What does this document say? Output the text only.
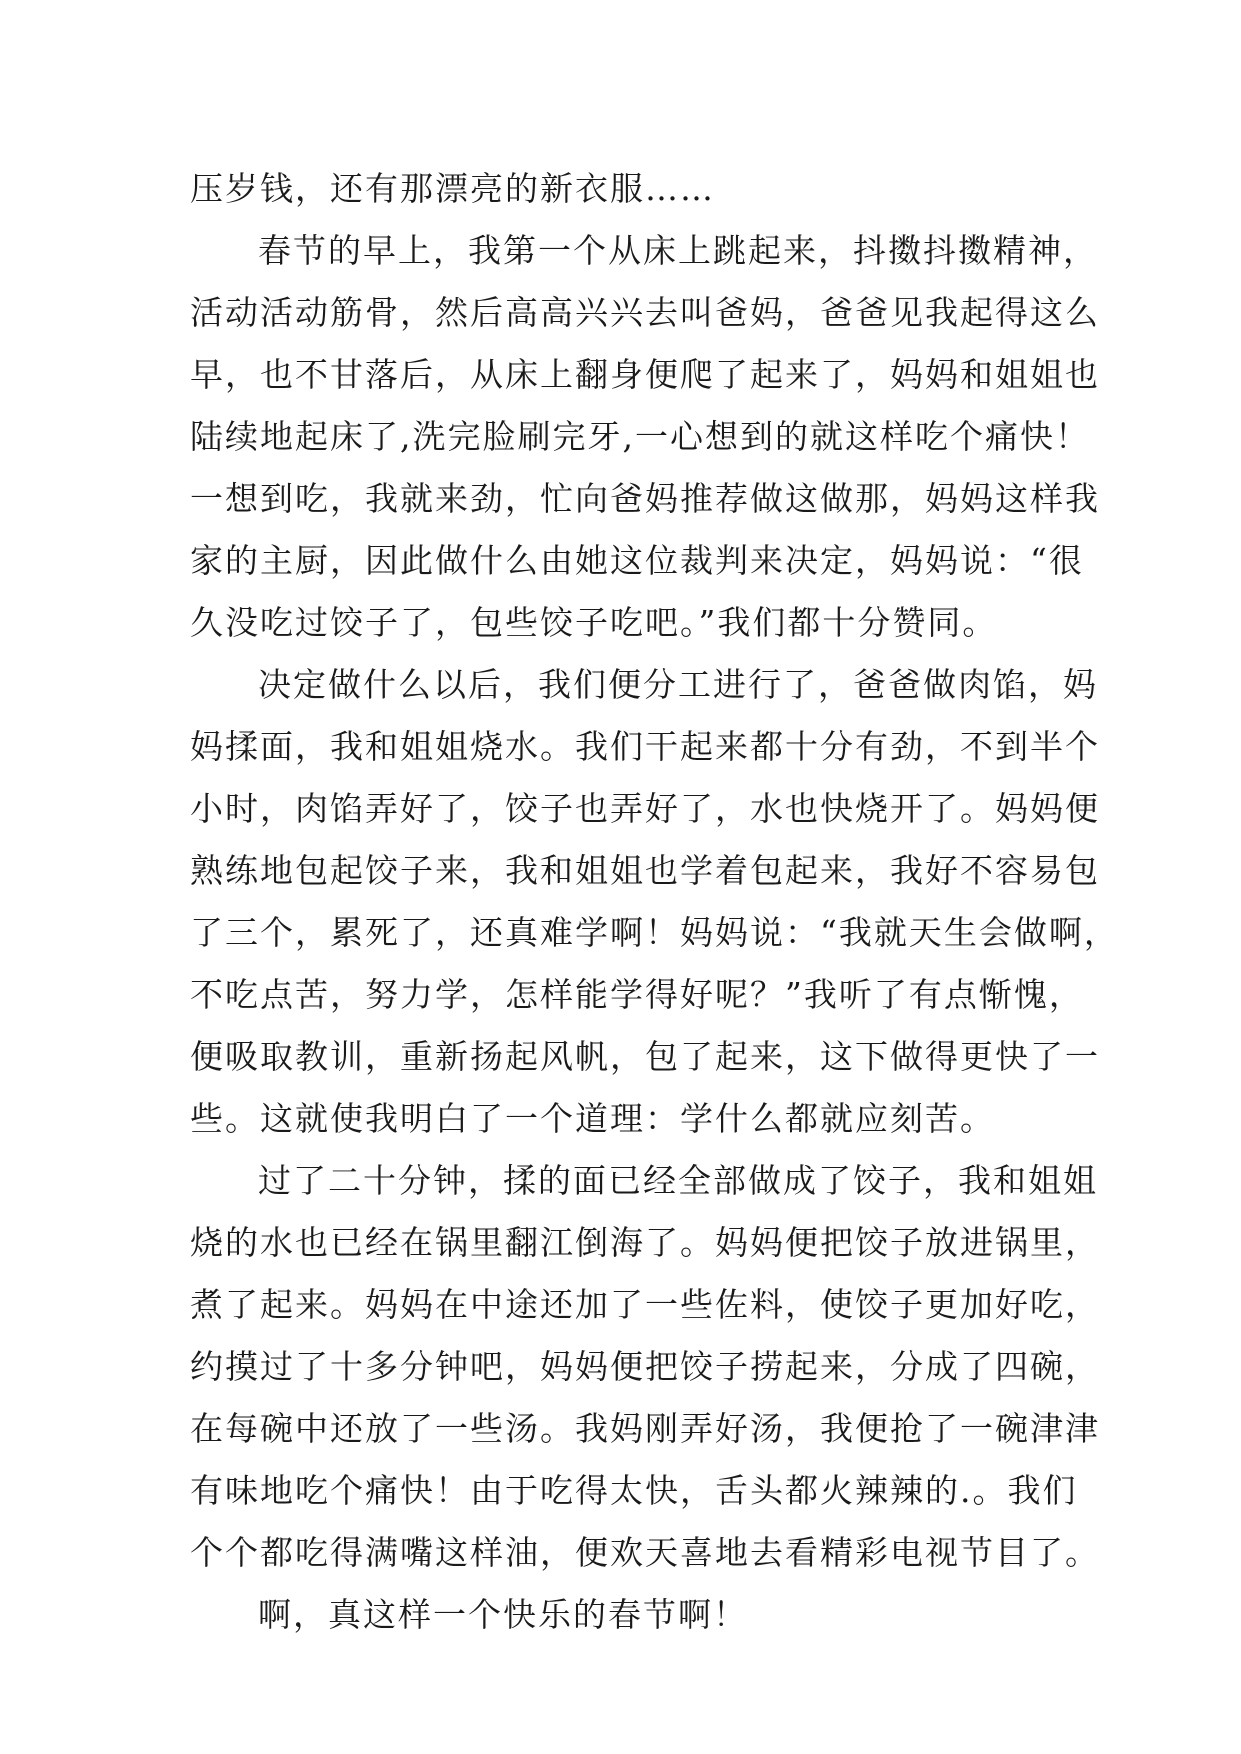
压岁钱，还有那漂亮的新衣服……
春节的早上，我第一个从床上跳起来，抖擞抖擞精神，
活动活动筋骨，然后高高兴兴去叫爸妈，爸爸见我起得这么
早，也不甘落后，从床上翻身便爬了起来了，妈妈和姐姐也
陆续地起床了,洗完脸刷完牙,一心想到的就这样吃个痛快！
一想到吃，我就来劲，忙向爸妈推荐做这做那，妈妈这样我
家的主厨，因此做什么由她这位裁判来决定，妈妈说：“很
久没吃过饺子了，包些饺子吃吧。”我们都十分赞同。
决定做什么以后，我们便分工进行了，爸爸做肉馅，妈
妈揉面，我和姐姐烧水。我们干起来都十分有劲，不到半个
小时，肉馅弄好了，饺子也弄好了，水也快烧开了。妈妈便
熟练地包起饺子来，我和姐姐也学着包起来，我好不容易包
了三个，累死了，还真难学啊！妈妈说：“我就天生会做啊，
不吃点苦，努力学，怎样能学得好呢？”我听了有点惭愧，
便吸取教训，重新扬起风帆，包了起来，这下做得更快了一
些。这就使我明白了一个道理：学什么都就应刻苦。
过了二十分钟，揉的面已经全部做成了饺子，我和姐姐
烧的水也已经在锅里翻江倒海了。妈妈便把饺子放进锅里，
煮了起来。妈妈在中途还加了一些佐料，使饺子更加好吃，
约摸过了十多分钟吧，妈妈便把饺子捞起来，分成了四碗，
在每碗中还放了一些汤。我妈刚弄好汤，我便抢了一碗津津
有味地吃个痛快！由于吃得太快，舌头都火辣辣的.。我们
个个都吃得满嘴这样油，便欢天喜地去看精彩电视节目了。
啊，真这样一个快乐的春节啊！
